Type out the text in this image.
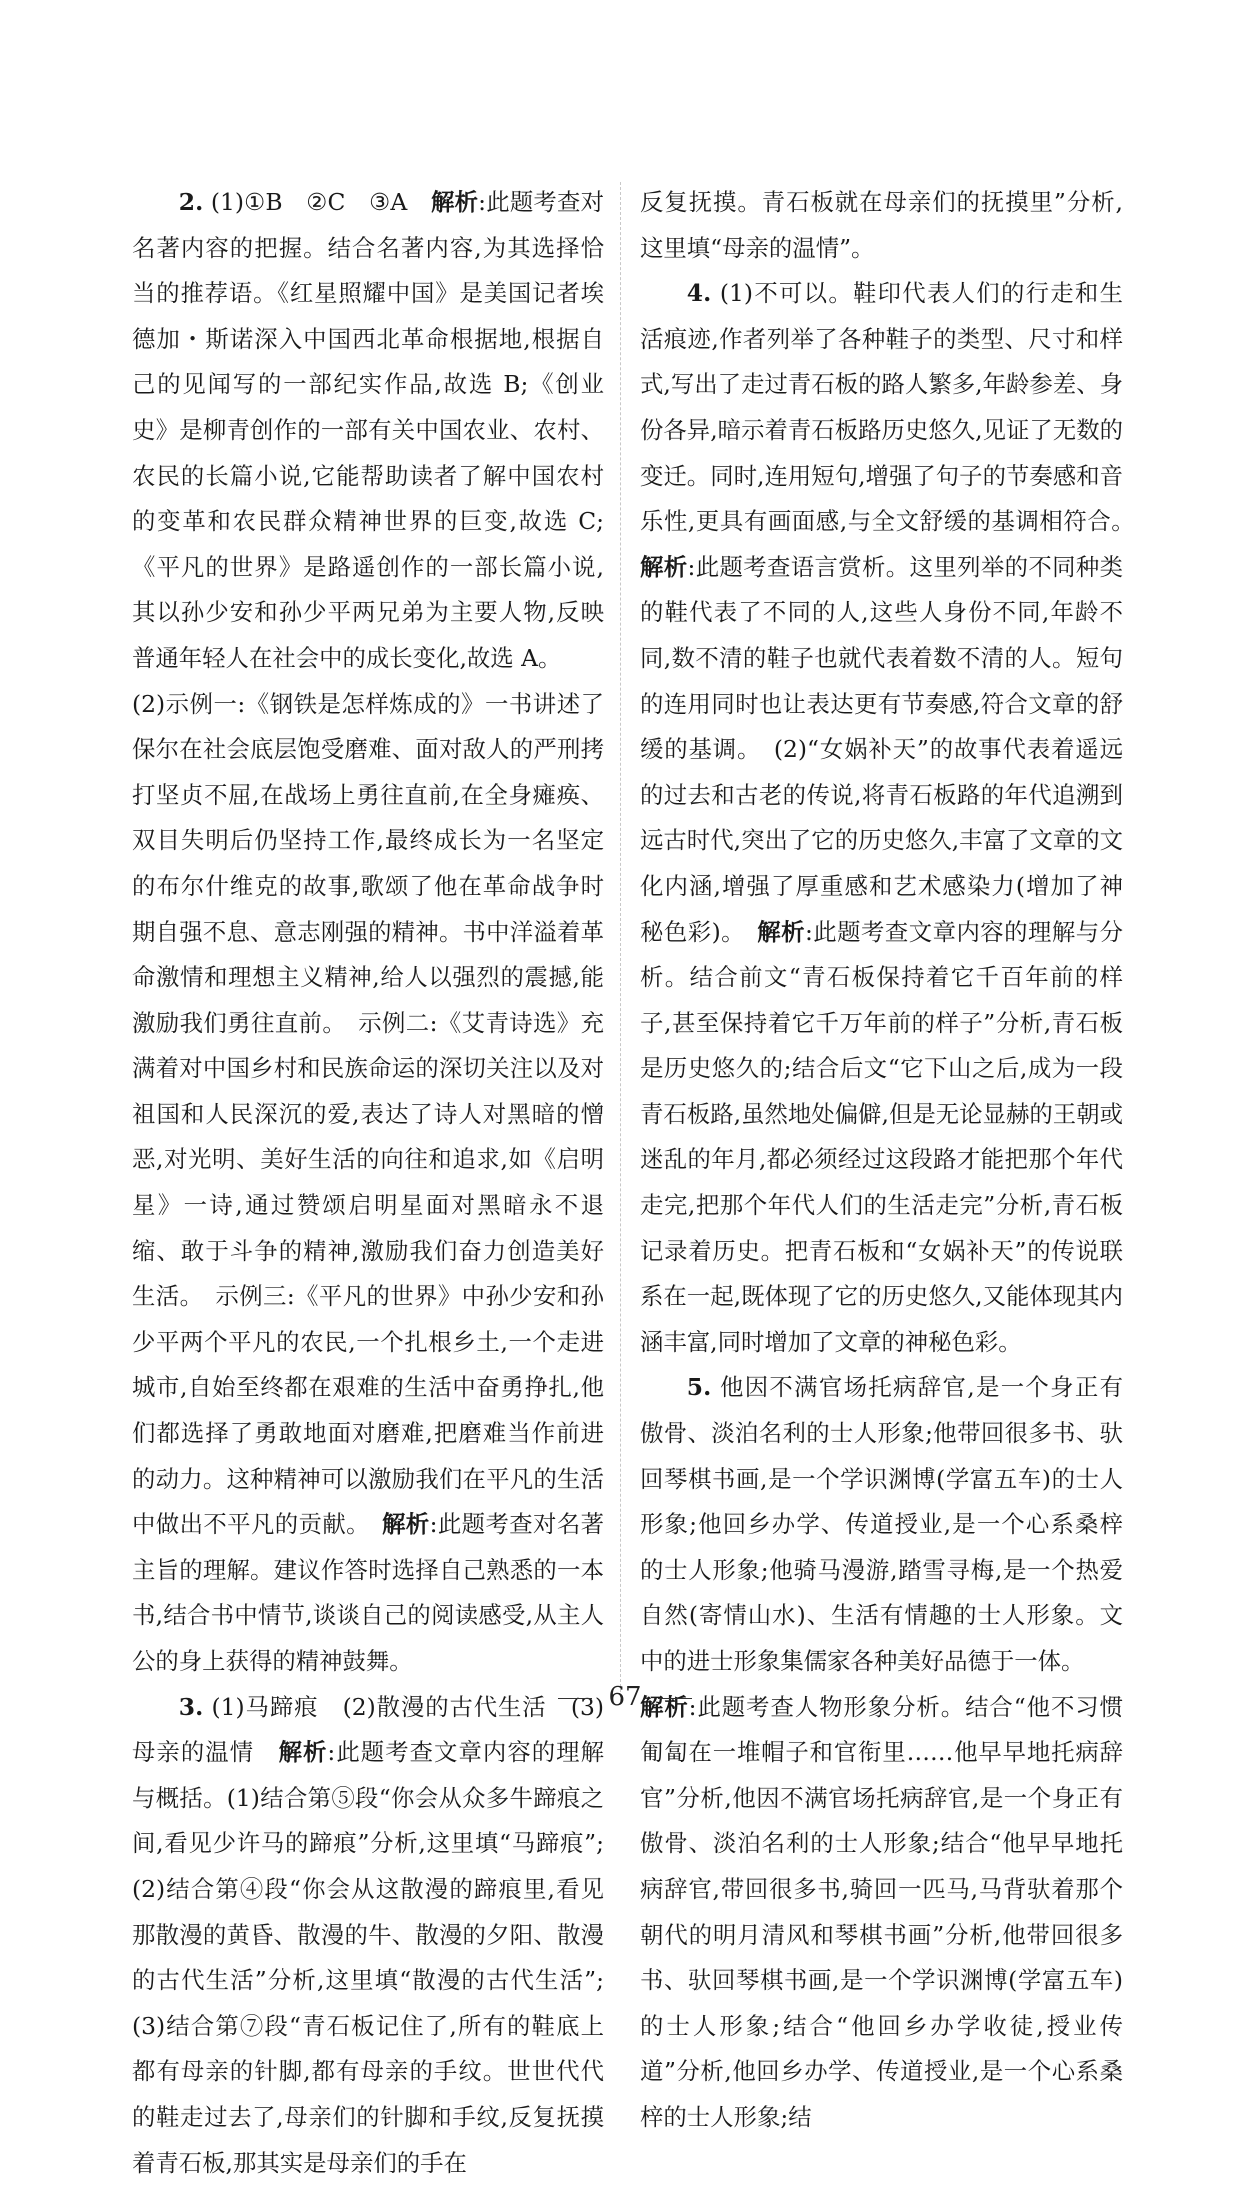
2. (1)①B　②C　③A　解析:此题考查对名著内容的把握。结合名著内容,为其选择恰当的推荐语。《红星照耀中国》是美国记者埃德加・斯诺深入中国西北革命根据地,根据自己的见闻写的一部纪实作品,故选 B;《创业史》是柳青创作的一部有关中国农业、农村、农民的长篇小说,它能帮助读者了解中国农村的变革和农民群众精神世界的巨变,故选 C;《平凡的世界》是路遥创作的一部长篇小说,其以孙少安和孙少平两兄弟为主要人物,反映普通年轻人在社会中的成长变化,故选 A。

(2)示例一:《钢铁是怎样炼成的》一书讲述了保尔在社会底层饱受磨难、面对敌人的严刑拷打坚贞不屈,在战场上勇往直前,在全身瘫痪、双目失明后仍坚持工作,最终成长为一名坚定的布尔什维克的故事,歌颂了他在革命战争时期自强不息、意志刚强的精神。书中洋溢着革命激情和理想主义精神,给人以强烈的震撼,能激励我们勇往直前。　示例二:《艾青诗选》充满着对中国乡村和民族命运的深切关注以及对祖国和人民深沉的爱,表达了诗人对黑暗的憎恶,对光明、美好生活的向往和追求,如《启明星》一诗,通过赞颂启明星面对黑暗永不退缩、敢于斗争的精神,激励我们奋力创造美好生活。　示例三:《平凡的世界》中孙少安和孙少平两个平凡的农民,一个扎根乡土,一个走进城市,自始至终都在艰难的生活中奋勇挣扎,他们都选择了勇敢地面对磨难,把磨难当作前进的动力。这种精神可以激励我们在平凡的生活中做出不平凡的贡献。　解析:此题考查对名著主旨的理解。建议作答时选择自己熟悉的一本书,结合书中情节,谈谈自己的阅读感受,从主人公的身上获得的精神鼓舞。

3. (1)马蹄痕　(2)散漫的古代生活　(3)母亲的温情　解析:此题考查文章内容的理解与概括。(1)结合第⑤段“你会从众多牛蹄痕之间,看见少许马的蹄痕”分析,这里填“马蹄痕”;(2)结合第④段“你会从这散漫的蹄痕里,看见那散漫的黄昏、散漫的牛、散漫的夕阳、散漫的古代生活”分析,这里填“散漫的古代生活”;(3)结合第⑦段“青石板记住了,所有的鞋底上都有母亲的针脚,都有母亲的手纹。世世代代的鞋走过去了,母亲们的针脚和手纹,反复抚摸着青石板,那其实是母亲们的手在

反复抚摸。青石板就在母亲们的抚摸里”分析,这里填“母亲的温情”。

4. (1)不可以。鞋印代表人们的行走和生活痕迹,作者列举了各种鞋子的类型、尺寸和样式,写出了走过青石板的路人繁多,年龄参差、身份各异,暗示着青石板路历史悠久,见证了无数的变迁。同时,连用短句,增强了句子的节奏感和音乐性,更具有画面感,与全文舒缓的基调相符合。　解析:此题考查语言赏析。这里列举的不同种类的鞋代表了不同的人,这些人身份不同,年龄不同,数不清的鞋子也就代表着数不清的人。短句的连用同时也让表达更有节奏感,符合文章的舒缓的基调。　(2)“女娲补天”的故事代表着遥远的过去和古老的传说,将青石板路的年代追溯到远古时代,突出了它的历史悠久,丰富了文章的文化内涵,增强了厚重感和艺术感染力(增加了神秘色彩)。　解析:此题考查文章内容的理解与分析。结合前文“青石板保持着它千百年前的样子,甚至保持着它千万年前的样子”分析,青石板是历史悠久的;结合后文“它下山之后,成为一段青石板路,虽然地处偏僻,但是无论显赫的王朝或迷乱的年月,都必须经过这段路才能把那个年代走完,把那个年代人们的生活走完”分析,青石板记录着历史。把青石板和“女娲补天”的传说联系在一起,既体现了它的历史悠久,又能体现其内涵丰富,同时增加了文章的神秘色彩。

5. 他因不满官场托病辞官,是一个身正有傲骨、淡泊名利的士人形象;他带回很多书、驮回琴棋书画,是一个学识渊博(学富五车)的士人形象;他回乡办学、传道授业,是一个心系桑梓的士人形象;他骑马漫游,踏雪寻梅,是一个热爱自然(寄情山水)、生活有情趣的士人形象。文中的进士形象集儒家各种美好品德于一体。

解析:此题考查人物形象分析。结合“他不习惯匍匐在一堆帽子和官衔里……他早早地托病辞官”分析,他因不满官场托病辞官,是一个身正有傲骨、淡泊名利的士人形象;结合“他早早地托病辞官,带回很多书,骑回一匹马,马背驮着那个朝代的明月清风和琴棋书画”分析,他带回很多书、驮回琴棋书画,是一个学识渊博(学富五车)的士人形象;结合“他回乡办学收徒,授业传道”分析,他回乡办学、传道授业,是一个心系桑梓的士人形象;结

67
